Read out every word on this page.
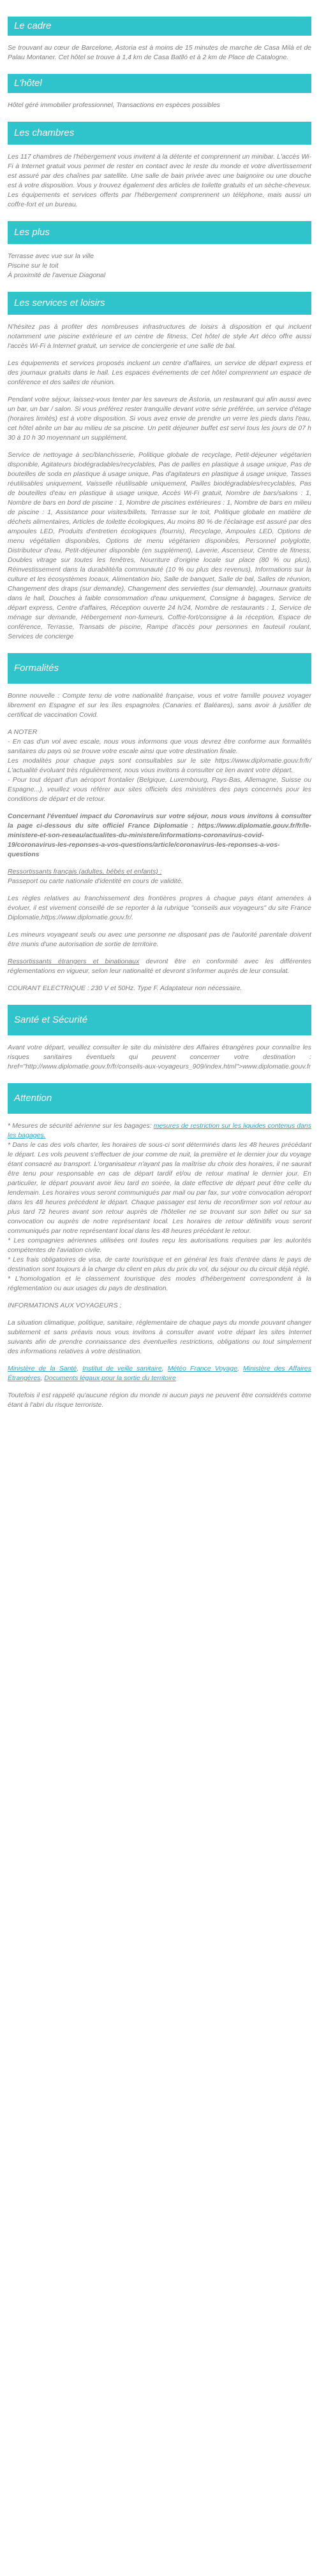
Le cadre

Se trouvant au cœur de Barcelone, Astoria est à moins de 15 minutes de marche de Casa Milà et de Palau Montaner. Cet hôtel se trouve à 1,4 km de Casa Batlló et à 2 km de Place de Catalogne.

L'hôtel

Hôtel géré immobilier professionnel, Transactions en espèces possibles

Les chambres

Les 117 chambres de l'hébergement vous invitent à la détente et comprennent un minibar. L'accès Wi-Fi à Internet gratuit vous permet de rester en contact avec le reste du monde et votre divertissement est assuré par des chaînes par satellite. Une salle de bain privée avec une baignoire ou une douche est à votre disposition. Vous y trouvez également des articles de toilette gratuits et un sèche-cheveux. Les équipements et services offerts par l'hébergement comprennent un téléphone, mais aussi un coffre-fort et un bureau.

Les plus

Terrasse avec vue sur la ville

Piscine sur le toit

À proximité de l'avenue Diagonal

Les services et loisirs

N'hésitez pas à profiter des nombreuses infrastructures de loisirs à disposition et qui incluent notamment une piscine extérieure et un centre de fitness. Cet hôtel de style Art déco offre aussi l'accès Wi-Fi à Internet gratuit, un service de conciergerie et une salle de bal.

Les équipements et services proposés incluent un centre d'affaires, un service de départ express et des journaux gratuits dans le hall. Les espaces événements de cet hôtel comprennent un espace de conférence et des salles de réunion.

Pendant votre séjour, laissez-vous tenter par les saveurs de Astoria, un restaurant qui afin aussi avec un bar, un bar / salon. Si vous préférez rester tranquille devant votre série préférée, un service d'étage (horaires limités) est à votre disposition. Si vous avez envie de prendre un verre les pieds dans l'eau, cet hôtel abrite un bar au milieu de sa piscine. Un petit déjeuner buffet est servi tous les jours de 07 h 30 à 10 h 30 moyennant un supplément.

Service de nettoyage à sec/blanchisserie, Politique globale de recyclage, Petit-déjeuner végétarien disponible, Agitateurs biodégradables/recyclables, Pas de pailles en plastique à usage unique, Pas de bouteilles de soda en plastique à usage unique, Pas d'agitateurs en plastique à usage unique, Tasses réutilisables uniquement, Vaisselle réutilisable uniquement, Pailles biodégradables/recyclables, Pas de bouteilles d'eau en plastique à usage unique, Accès Wi-Fi gratuit, Nombre de bars/salons : 1, Nombre de bars en bord de piscine : 1, Nombre de piscines extérieures : 1, Nombre de bars en milieu de piscine : 1, Assistance pour visites/billets, Terrasse sur le toit, Politique globale en matière de déchets alimentaires, Articles de toilette écologiques, Au moins 80 % de l'éclairage est assuré par des ampoules LED, Produits d'entretien écologiques (fournis), Recyclage, Ampoules LED, Options de menu végétalien disponibles, Options de menu végétarien disponibles, Personnel polyglotte, Distributeur d'eau, Petit-déjeuner disponible (en supplément), Laverie, Ascenseur, Centre de fitness, Doubles vitrage sur toutes les fenêtres, Nourriture d'origine locale sur place (80 % ou plus), Réinvestissement dans la durabilité/la communauté (10 % ou plus des revenus), Informations sur la culture et les écosystèmes locaux, Alimentation bio, Salle de banquet, Salle de bal, Salles de réunion, Changement des draps (sur demande), Changement des serviettes (sur demande), Journaux gratuits dans le hall, Douches à faible consommation d'eau uniquement, Consigne à bagages, Service de départ express, Centre d'affaires, Réception ouverte 24 h/24, Nombre de restaurants : 1, Service de ménage sur demande, Hébergement non-fumeurs, Coffre-fort/consigne à la réception, Espace de conférence, Terrasse, Transats de piscine, Rampe d'accès pour personnes en fauteuil roulant, Services de concierge

Formalités

Bonne nouvelle : Compte tenu de votre nationalité française, vous et votre famille pouvez voyager librement en Espagne et sur les îles espagnoles (Canaries et Baléares), sans avoir à justifier de certificat de vaccination Covid.

A NOTER

- En cas d'un vol avec escale, nous vous informons que vous devrez être conforme aux formalités sanitaires du pays où se trouve votre escale ainsi que votre destination finale.

Les modalités pour chaque pays sont consultables sur le site https://www.diplomatie.gouv.fr/fr/ L'actualité évoluant très régulièrement, nous vous invitons à consulter ce lien avant votre départ.

- Pour tout départ d'un aéroport frontalier (Belgique, Luxembourg, Pays-Bas, Allemagne, Suisse ou Espagne...), veuillez vous référer aux sites officiels des ministères des pays concernés pour les conditions de départ et de retour.

Concernant l'éventuel impact du Coronavirus sur votre séjour, nous vous invitons à consulter la page ci-dessous du site officiel France Diplomatie : https://www.diplomatie.gouv.fr/fr/le-ministere-et-son-reseau/actualites-du-ministere/informations-coronavirus-covid-19/coronavirus-les-reponses-a-vos-questions/article/coronavirus-les-reponses-a-vos-questions

Ressortissants français (adultes, bébés et enfants) :

Passeport ou carte nationale d'identité en cours de validité.

Les règles relatives au franchissement des frontières propres à chaque pays étant amenées à évoluer, il est vivement conseillé de se reporter à la rubrique "conseils aux voyageurs" du site France Diplomatie,https://www.diplomatie.gouv.fr/.

Les mineurs voyageant seuls ou avec une personne ne disposant pas de l'autorité parentale doivent être munis d'une autorisation de sortie de territoire.

Ressortissants étrangers et binationaux devront être en conformité avec les différentes réglementations en vigueur, selon leur nationalité et devront s'informer auprès de leur consulat.

COURANT ELECTRIQUE : 230 V et 50Hz. Type F. Adaptateur non nécessaire.

Santé et Sécurité

Avant votre départ, veuillez consulter le site du ministère des Affaires étrangères pour connaître les risques sanitaires éventuels qui peuvent concerner votre destination : href="http://www.diplomatie.gouv.fr/fr/conseils-aux-voyageurs_909/index.html">www.diplomatie.gouv.fr

Attention

* Mesures de sécurité aérienne sur les bagages: mesures de restriction sur les liquides contenus dans les bagages.

* Dans le cas des vols charter, les horaires de sous-ci sont déterminés dans les 48 heures précédant le départ. Les vols peuvent s'effectuer de jour comme de nuit, la première et le dernier jour du voyage étant consacré au transport. L'organisateur n'ayant pas la maîtrise du choix des horaires, il ne saurait être tenu pour responsable en cas de départ tardif et/ou de retour matinal le dernier jour. En particulier, le départ pouvant avoir lieu tard en soirée, la date effective de départ peut être celle du lendemain. Les horaires vous seront communiqués par mail ou par fax, sur votre convocation aéroport dans les 48 heures précédent le départ. Chaque passager est tenu de reconfirmer son vol retour au plus tard 72 heures avant son retour auprès de l'hôtelier ne se trouvant sur son billet ou sur sa convocation ou auprès de notre représentant local. Les horaires de retour définitifs vous seront communiqués par notre représentant local dans les 48 heures précédant le retour.

* Les compagnies aériennes utilisées ont toutes reçu les autorisations requises par les autorités compétentes de l'aviation civile.

* Les frais obligatoires de visa, de carte touristique et en général les frais d'entrée dans le pays de destination sont toujours à la charge du client en plus du prix du vol, du séjour ou du circuit déjà réglé.

* L'homologation et le classement touristique des modes d'hébergement correspondent à la réglementation ou aux usages du pays de destination.

INFORMATIONS AUX VOYAGEURS :

La situation climatique, politique, sanitaire, réglementaire de chaque pays du monde pouvant changer subitement et sans préavis nous vous invitons à consulter avant votre départ les sites Internet suivants afin de prendre connaissance des éventuelles restrictions, obligations ou tout simplement des informations relatives à votre destination.

Ministère de la Santé, Institut de veille sanitaire, Météo France Voyage, Ministère des Affaires Étrangères, Documents légaux pour la sortie du territoire

Toutefois il est rappelé qu'aucune région du monde ni aucun pays ne peuvent être considérés comme étant à l'abri du risque terroriste.
